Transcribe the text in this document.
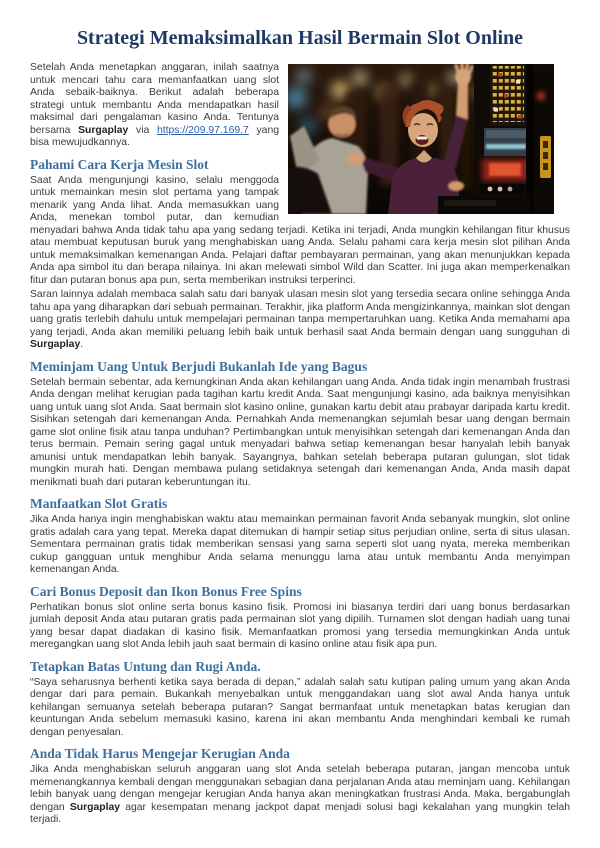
Strategi Memaksimalkan Hasil Bermain Slot Online

Setelah Anda menetapkan anggaran, inilah saatnya untuk mencari tahu cara memanfaatkan uang slot Anda sebaik-baiknya. Berikut adalah beberapa strategi untuk membantu Anda mendapatkan hasil maksimal dari pengalaman kasino Anda. Tentunya bersama Surgaplay via https://209.97.169.7 yang bisa mewujudkannya.

Pahami Cara Kerja Mesin Slot

Saat Anda mengunjungi kasino, selalu menggoda untuk memainkan mesin slot pertama yang tampak menarik yang Anda lihat. Anda memasukkan uang Anda, menekan tombol putar, dan kemudian menyadari bahwa Anda tidak tahu apa yang sedang terjadi. Ketika ini terjadi, Anda mungkin kehilangan fitur khusus atau membuat keputusan buruk yang menghabiskan uang Anda. Selalu pahami cara kerja mesin slot pilihan Anda untuk memaksimalkan kemenangan Anda. Pelajari daftar pembayaran permainan, yang akan menunjukkan kepada Anda apa simbol itu dan berapa nilainya. Ini akan melewati simbol Wild dan Scatter. Ini juga akan memperkenalkan fitur dan putaran bonus apa pun, serta memberikan instruksi terperinci.

Saran lainnya adalah membaca salah satu dari banyak ulasan mesin slot yang tersedia secara online sehingga Anda tahu apa yang diharapkan dari sebuah permainan. Terakhir, jika platform Anda mengizinkannya, mainkan slot dengan uang gratis terlebih dahulu untuk mempelajari permainan tanpa mempertaruhkan uang. Ketika Anda memahami apa yang terjadi, Anda akan memiliki peluang lebih baik untuk berhasil saat Anda bermain dengan uang sungguhan di Surgaplay.

Meminjam Uang Untuk Berjudi Bukanlah Ide yang Bagus

Setelah bermain sebentar, ada kemungkinan Anda akan kehilangan uang Anda. Anda tidak ingin menambah frustrasi Anda dengan melihat kerugian pada tagihan kartu kredit Anda. Saat mengunjungi kasino, ada baiknya menyisihkan uang untuk uang slot Anda. Saat bermain slot kasino online, gunakan kartu debit atau prabayar daripada kartu kredit. Sisihkan setengah dari kemenangan Anda. Pernahkah Anda memenangkan sejumlah besar uang dengan bermain game slot online fisik atau tanpa unduhan? Pertimbangkan untuk menyisihkan setengah dari kemenangan Anda dan terus bermain. Pemain sering gagal untuk menyadari bahwa setiap kemenangan besar hanyalah lebih banyak amunisi untuk mendapatkan lebih banyak. Sayangnya, bahkan setelah beberapa putaran gulungan, slot tidak mungkin murah hati. Dengan membawa pulang setidaknya setengah dari kemenangan Anda, Anda masih dapat menikmati buah dari putaran keberuntungan itu.

Manfaatkan Slot Gratis

Jika Anda hanya ingin menghabiskan waktu atau memainkan permainan favorit Anda sebanyak mungkin, slot online gratis adalah cara yang tepat. Mereka dapat ditemukan di hampir setiap situs perjudian online, serta di situs ulasan. Sementara permainan gratis tidak memberikan sensasi yang sama seperti slot uang nyata, mereka memberikan cukup gangguan untuk menghibur Anda selama menunggu lama atau untuk membantu Anda menyimpan kemenangan Anda.

Cari Bonus Deposit dan Ikon Bonus Free Spins

Perhatikan bonus slot online serta bonus kasino fisik. Promosi ini biasanya terdiri dari uang bonus berdasarkan jumlah deposit Anda atau putaran gratis pada permainan slot yang dipilih. Turnamen slot dengan hadiah uang tunai yang besar dapat diadakan di kasino fisik. Memanfaatkan promosi yang tersedia memungkinkan Anda untuk meregangkan uang slot Anda lebih jauh saat bermain di kasino online atau fisik apa pun.

Tetapkan Batas Untung dan Rugi Anda.

“Saya seharusnya berhenti ketika saya berada di depan,” adalah salah satu kutipan paling umum yang akan Anda dengar dari para pemain. Bukankah menyebalkan untuk menggandakan uang slot awal Anda hanya untuk kehilangan semuanya setelah beberapa putaran? Sangat bermanfaat untuk menetapkan batas kerugian dan keuntungan Anda sebelum memasuki kasino, karena ini akan membantu Anda menghindari kembali ke rumah dengan penyesalan.

Anda Tidak Harus Mengejar Kerugian Anda

Jika Anda menghabiskan seluruh anggaran uang slot Anda setelah beberapa putaran, jangan mencoba untuk memenangkannya kembali dengan menggunakan sebagian dana perjalanan Anda atau meminjam uang. Kehilangan lebih banyak uang dengan mengejar kerugian Anda hanya akan meningkatkan frustrasi Anda. Maka, bergabunglah dengan Surgaplay agar kesempatan menang jackpot dapat menjadi solusi bagi kekalahan yang mungkin telah terjadi.
